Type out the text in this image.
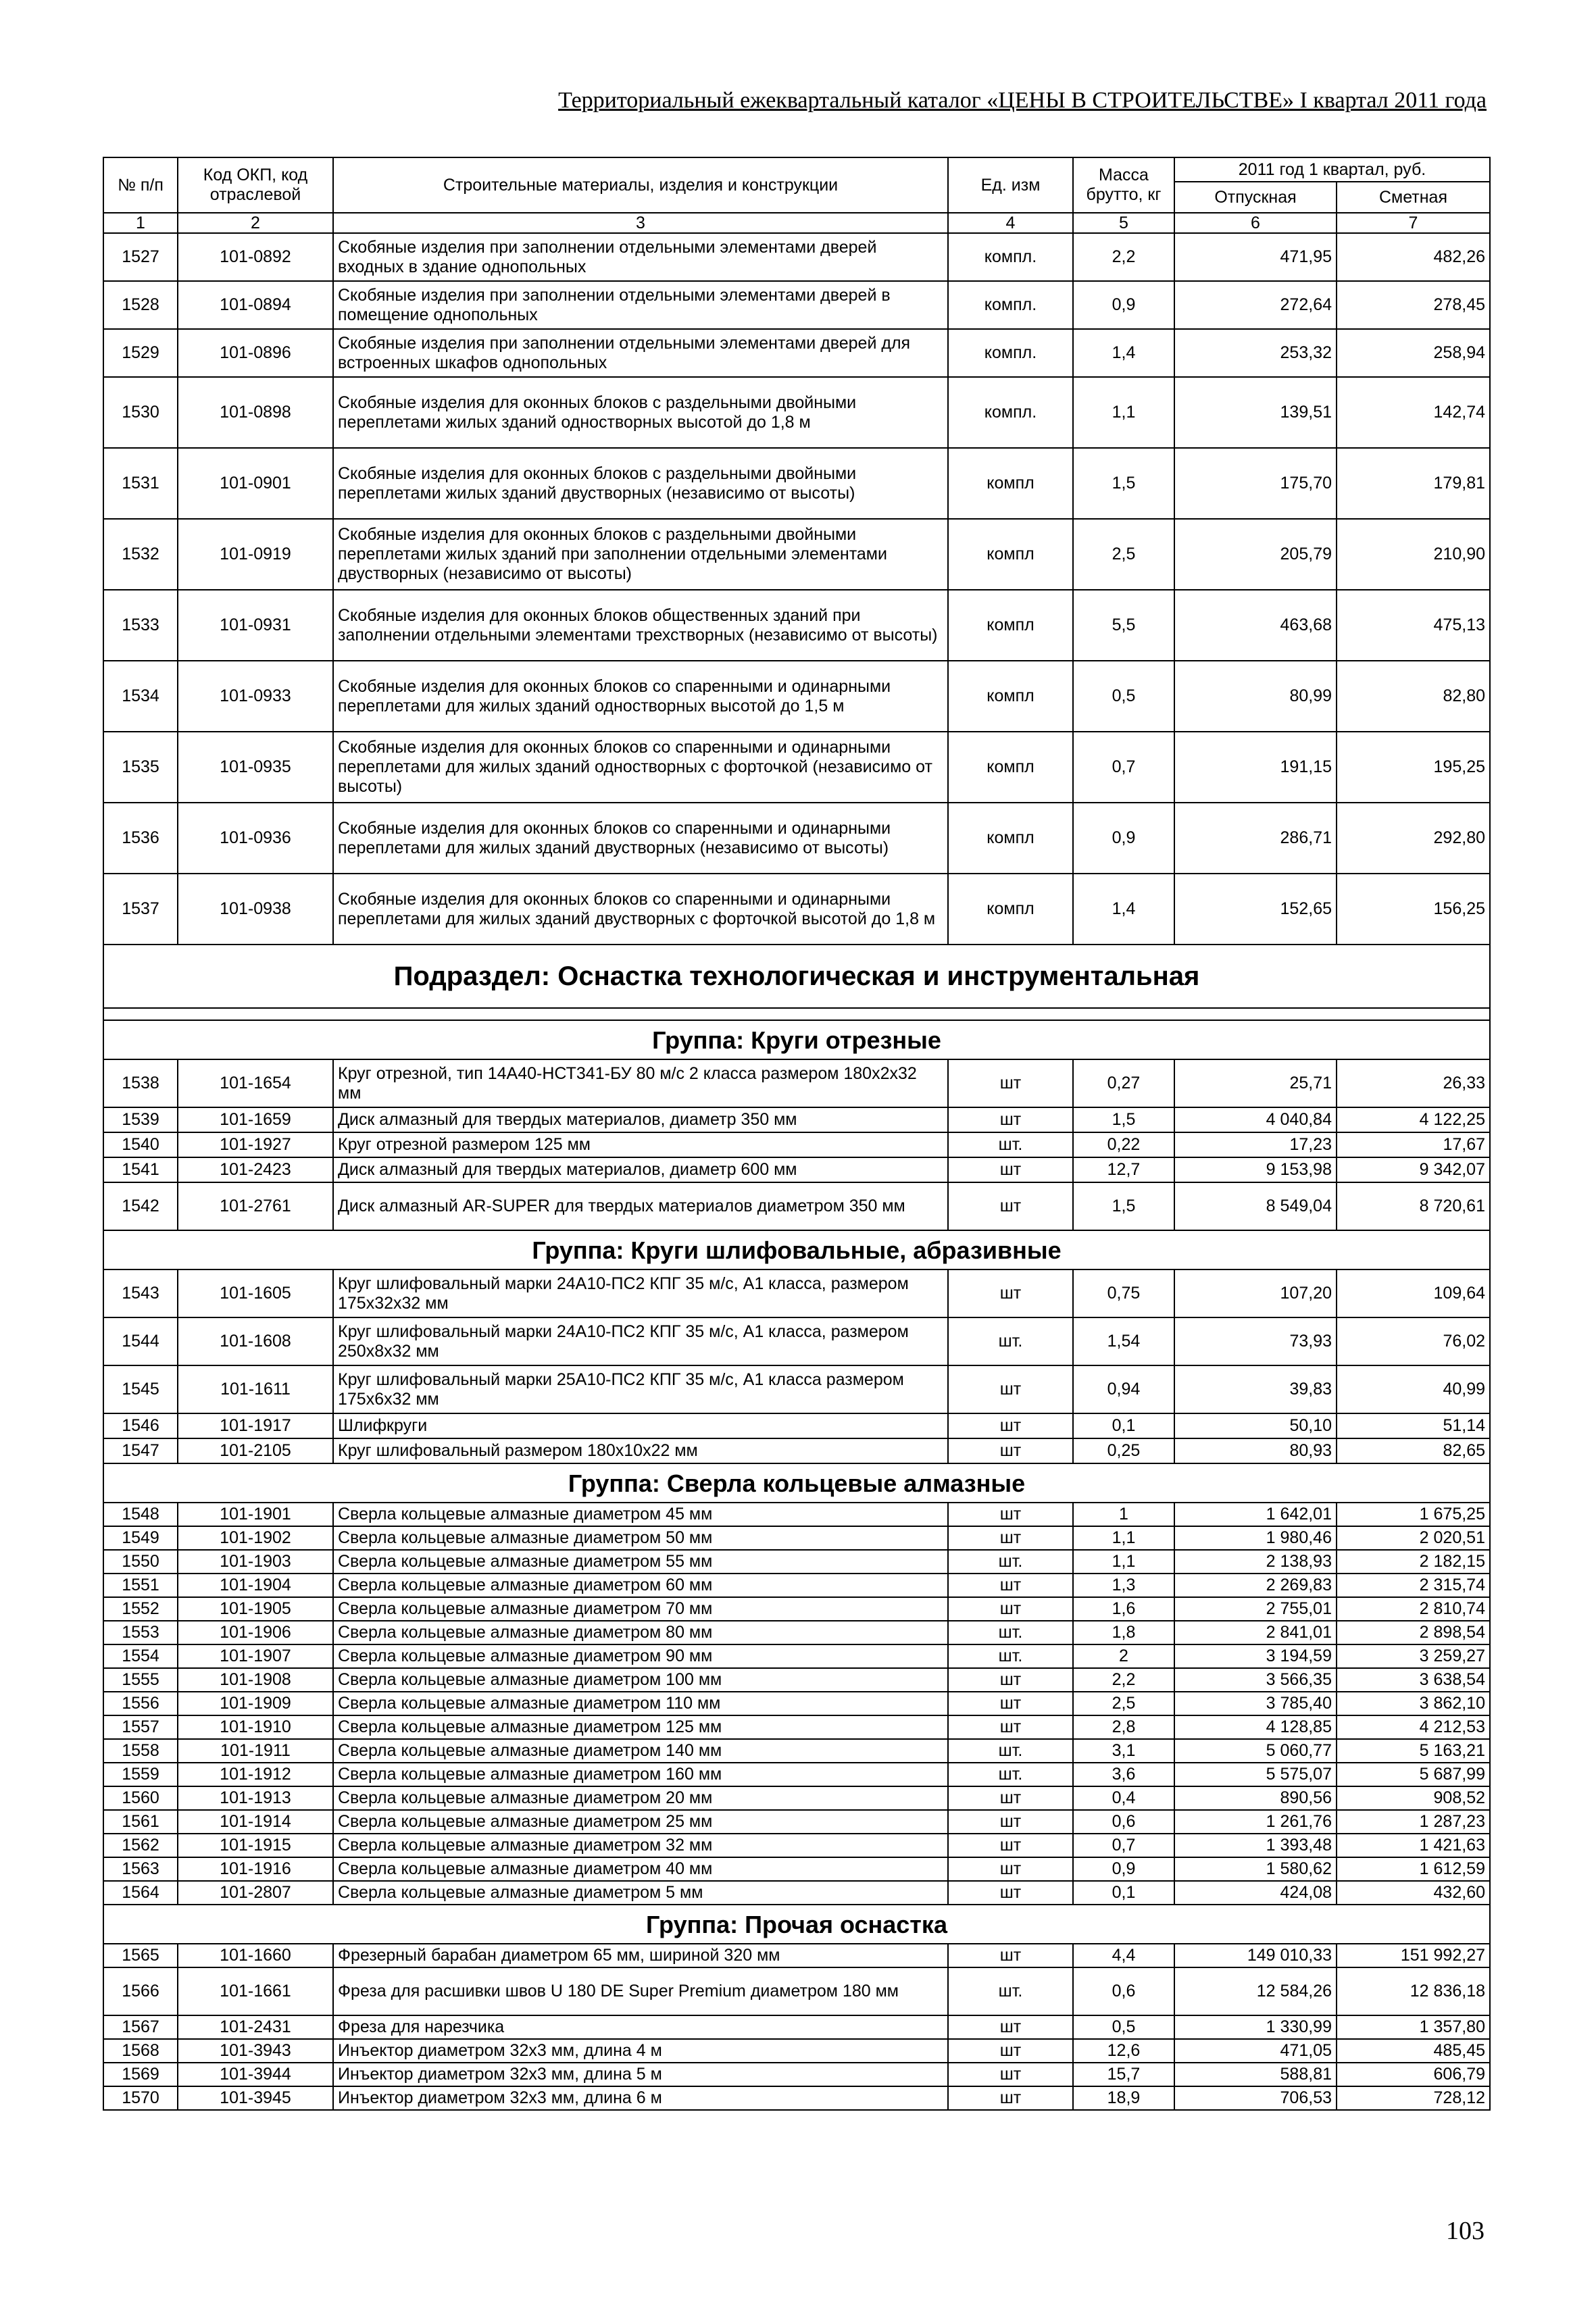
Территориальный ежеквартальный каталог «ЦЕНЫ В СТРОИТЕЛЬСТВЕ» I квартал 2011 года
№ п/п	Код ОКП, код отраслевой	Строительные материалы, изделия и конструкции	Ед. изм	Масса брутто, кг	2011 год 1 квартал, руб.	
					Отпускная	Сметная
1	2	3	4	5	6	7
1527	101-0892	Скобяные изделия при заполнении отдельными элементами дверей входных в здание однопольных	компл.	2,2	471,95	482,26
1528	101-0894	Скобяные изделия при заполнении отдельными элементами дверей в помещение однопольных	компл.	0,9	272,64	278,45
1529	101-0896	Скобяные изделия при заполнении отдельными элементами дверей для встроенных шкафов однопольных	компл.	1,4	253,32	258,94
1530	101-0898	Скобяные изделия для оконных блоков с раздельными двойными переплетами жилых зданий одностворных высотой до 1,8 м	компл.	1,1	139,51	142,74
1531	101-0901	Скобяные изделия для оконных блоков с раздельными двойными переплетами жилых зданий двустворных (независимо от высоты)	компл	1,5	175,70	179,81
1532	101-0919	Скобяные изделия для оконных блоков с раздельными двойными переплетами жилых зданий при заполнении отдельными элементами двустворных (независимо от высоты)	компл	2,5	205,79	210,90
1533	101-0931	Скобяные изделия для оконных блоков общественных зданий при заполнении отдельными элементами трехстворных (независимо от высоты)	компл	5,5	463,68	475,13
1534	101-0933	Скобяные изделия для оконных блоков со спаренными и одинарными переплетами для жилых зданий одностворных высотой до 1,5 м	компл	0,5	80,99	82,80
1535	101-0935	Скобяные изделия для оконных блоков со спаренными и одинарными переплетами для жилых зданий одностворных с форточкой (независимо от высоты)	компл	0,7	191,15	195,25
1536	101-0936	Скобяные изделия для оконных блоков со спаренными и одинарными переплетами для жилых зданий двустворных (независимо от высоты)	компл	0,9	286,71	292,80
1537	101-0938	Скобяные изделия для оконных блоков со спаренными и одинарными переплетами для жилых зданий двустворных с форточкой высотой до 1,8 м	компл	1,4	152,65	156,25
Подраздел: Оснастка технологическая и инструментальная						

Группа: Круги отрезные						
1538	101-1654	Круг отрезной, тип 14А40-НСТ341-БУ 80 м/с 2 класса размером 180х2х32 мм	шт	0,27	25,71	26,33
1539	101-1659	Диск алмазный для твердых материалов, диаметр 350 мм	шт	1,5	4 040,84	4 122,25
1540	101-1927	Круг отрезной размером 125 мм	шт.	0,22	17,23	17,67
1541	101-2423	Диск алмазный для твердых материалов, диаметр 600 мм	шт	12,7	9 153,98	9 342,07
1542	101-2761	Диск алмазный AR-SUPER для твердых материалов диаметром 350 мм	шт	1,5	8 549,04	8 720,61
Группа: Круги шлифовальные, абразивные						
1543	101-1605	Круг шлифовальный марки 24А10-ПС2 КПГ 35 м/с, А1 класса, размером 175х32х32 мм	шт	0,75	107,20	109,64
1544	101-1608	Круг шлифовальный марки 24А10-ПС2 КПГ 35 м/с, А1 класса, размером 250х8х32 мм	шт.	1,54	73,93	76,02
1545	101-1611	Круг шлифовальный марки 25А10-ПС2 КПГ 35 м/с, А1 класса размером 175х6х32 мм	шт	0,94	39,83	40,99
1546	101-1917	Шлифкруги	шт	0,1	50,10	51,14
1547	101-2105	Круг шлифовальный размером 180х10х22 мм	шт	0,25	80,93	82,65
Группа: Сверла кольцевые алмазные						
1548	101-1901	Сверла кольцевые алмазные диаметром 45 мм	шт	1	1 642,01	1 675,25
1549	101-1902	Сверла кольцевые алмазные диаметром 50 мм	шт	1,1	1 980,46	2 020,51
1550	101-1903	Сверла кольцевые алмазные диаметром 55 мм	шт.	1,1	2 138,93	2 182,15
1551	101-1904	Сверла кольцевые алмазные диаметром 60 мм	шт	1,3	2 269,83	2 315,74
1552	101-1905	Сверла кольцевые алмазные диаметром 70 мм	шт	1,6	2 755,01	2 810,74
1553	101-1906	Сверла кольцевые алмазные диаметром 80 мм	шт.	1,8	2 841,01	2 898,54
1554	101-1907	Сверла кольцевые алмазные диаметром 90 мм	шт.	2	3 194,59	3 259,27
1555	101-1908	Сверла кольцевые алмазные диаметром 100 мм	шт	2,2	3 566,35	3 638,54
1556	101-1909	Сверла кольцевые алмазные диаметром 110 мм	шт	2,5	3 785,40	3 862,10
1557	101-1910	Сверла кольцевые алмазные диаметром 125 мм	шт	2,8	4 128,85	4 212,53
1558	101-1911	Сверла кольцевые алмазные диаметром 140 мм	шт.	3,1	5 060,77	5 163,21
1559	101-1912	Сверла кольцевые алмазные диаметром 160 мм	шт.	3,6	5 575,07	5 687,99
1560	101-1913	Сверла кольцевые алмазные диаметром 20 мм	шт	0,4	890,56	908,52
1561	101-1914	Сверла кольцевые алмазные диаметром 25 мм	шт	0,6	1 261,76	1 287,23
1562	101-1915	Сверла кольцевые алмазные диаметром 32 мм	шт	0,7	1 393,48	1 421,63
1563	101-1916	Сверла кольцевые алмазные диаметром 40 мм	шт	0,9	1 580,62	1 612,59
1564	101-2807	Сверла кольцевые алмазные диаметром 5 мм	шт	0,1	424,08	432,60
Группа: Прочая оснастка						
1565	101-1660	Фрезерный барабан диаметром 65 мм, шириной 320 мм	шт	4,4	149 010,33	151 992,27
1566	101-1661	Фреза для расшивки швов U 180 DE Super Premium диаметром 180 мм	шт.	0,6	12 584,26	12 836,18
1567	101-2431	Фреза для нарезчика	шт	0,5	1 330,99	1 357,80
1568	101-3943	Инъектор диаметром 32х3 мм, длина 4 м	шт	12,6	471,05	485,45
1569	101-3944	Инъектор диаметром 32х3 мм, длина 5 м	шт	15,7	588,81	606,79
1570	101-3945	Инъектор диаметром 32х3 мм, длина 6 м	шт	18,9	706,53	728,12
103
